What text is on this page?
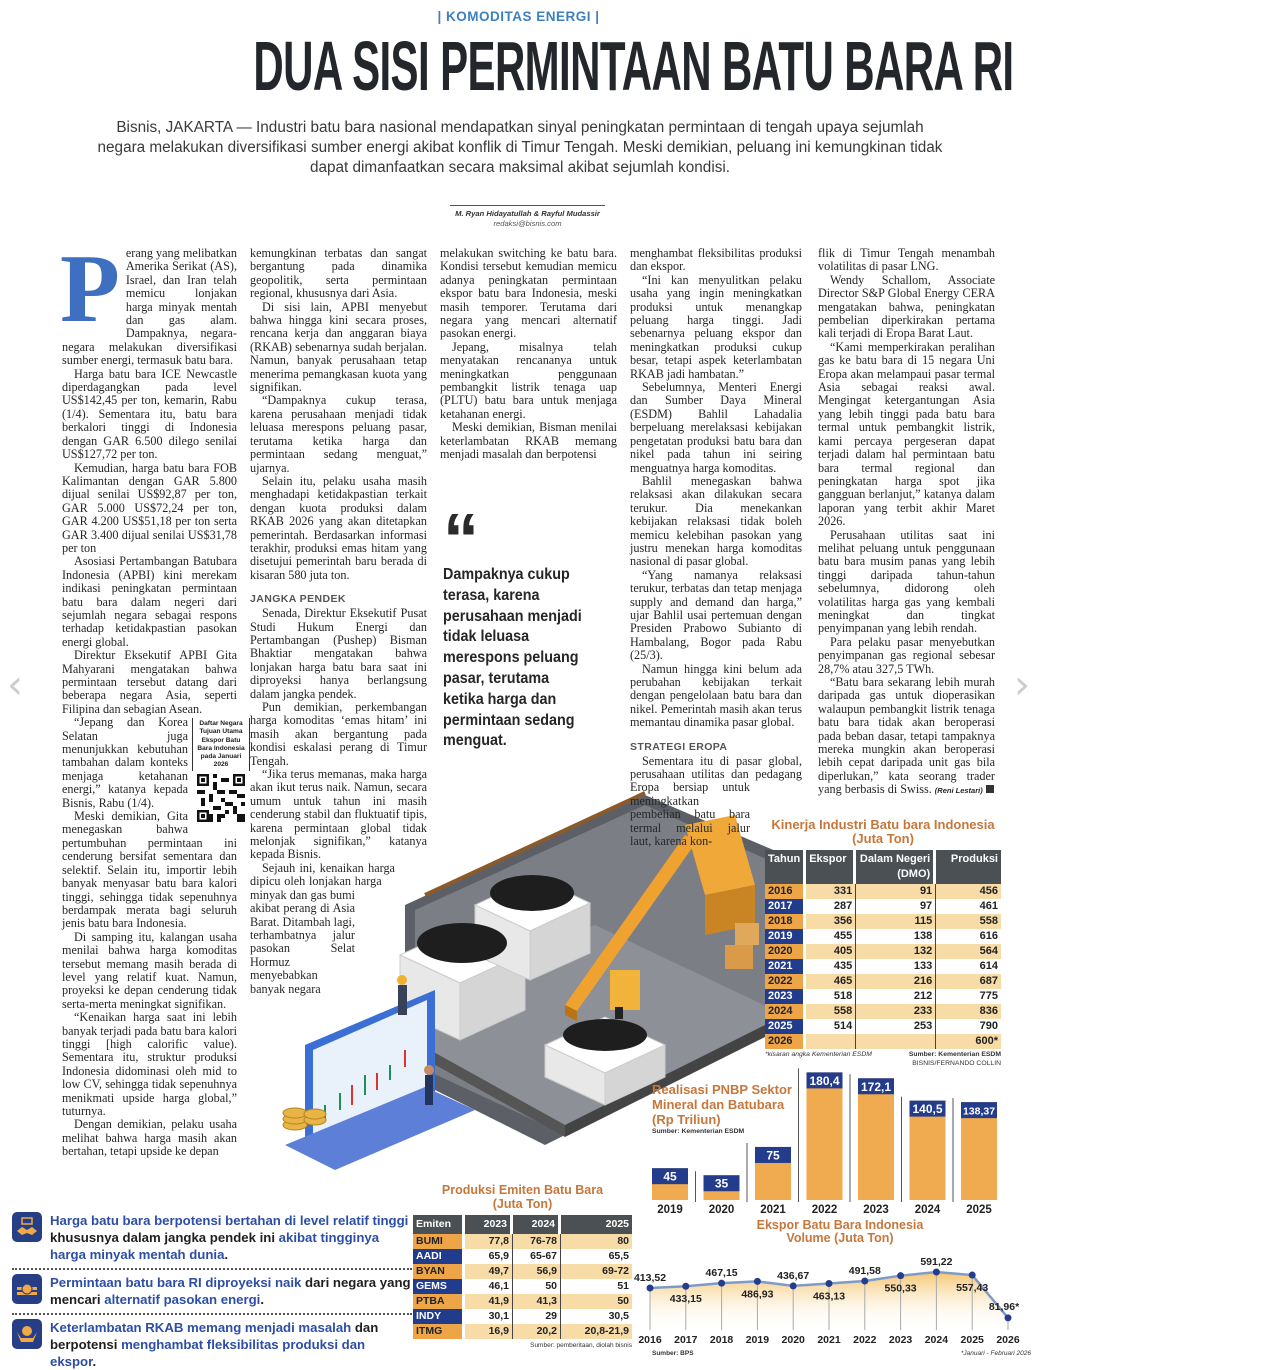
‹	›
| KOMODITAS ENERGI |
DUA SISI PERMINTAAN BATU BARA RI
Bisnis, JAKARTA — Industri batu bara nasional mendapatkan sinyal peningkatan permintaan di tengah upaya sejumlah negara melakukan diversifikasi sumber energi akibat konflik di Timur Tengah. Meski demikian, peluang ini kemungkinan tidak dapat dimanfaatkan secara maksimal akibat sejumlah kondisi.
M. Ryan Hidayatullah & Rayful Mudassir
redaksi@bisnis.com

Perang yang melibatkan Amerika Serikat (AS), Israel, dan Iran telah memicu lonjakan harga minyak mentah dan gas alam. Dampaknya, negara-negara melakukan diversifikasi sumber energi, termasuk batu bara.

Harga batu bara ICE Newcastle diperdagangkan pada level US$142,45 per ton, kemarin, Rabu (1/4). Sementara itu, batu bara berkalori tinggi di Indonesia dengan GAR 6.500 dilego senilai US$127,72 per ton.

Kemudian, harga batu bara FOB Kalimantan dengan GAR 5.800 dijual senilai US$92,87 per ton, GAR 5.000 US$72,24 per ton, GAR 4.200 US$51,18 per ton serta GAR 3.400 dijual senilai US$31,78 per ton

Asosiasi Pertambangan Batubara Indonesia (APBI) kini merekam indikasi peningkatan permintaan batu bara dalam negeri dari sejumlah negara sebagai respons terhadap ketidakpastian pasokan energi global.

Direktur Eksekutif APBI Gita Mahyarani mengatakan bahwa permintaan tersebut datang dari beberapa negara Asia, seperti Filipina dan sebagian Asean.

Daftar Negara Tujuan Utama Ekspor Batu Bara Indonesia pada Januari 2026

“Jepang dan Korea Selatan juga menunjukkan kebutuhan tambahan dalam konteks menjaga ketahanan energi,” katanya kepada Bisnis, Rabu (1/4).

Meski demikian, Gita menegaskan bahwa pertumbuhan permintaan ini cenderung bersifat sementara dan selektif. Selain itu, importir lebih banyak menyasar batu bara kalori tinggi, sehingga tidak sepenuhnya berdampak merata bagi seluruh jenis batu bara Indonesia.

Di samping itu, kalangan usaha menilai bahwa harga komoditas tersebut memang masih berada di level yang relatif kuat. Namun, proyeksi ke depan cenderung tidak serta-merta meningkat signifikan.

“Kenaikan harga saat ini lebih banyak terjadi pada batu bara kalori tinggi [high calorific value). Sementara itu, struktur produksi Indonesia didominasi oleh mid to low CV, sehingga tidak sepenuhnya menikmati upside harga global,” tuturnya.

Dengan demikian, pelaku usaha melihat bahwa harga masih akan bertahan, tetapi upside ke depan

kemungkinan terbatas dan sangat bergantung pada dinamika geopolitik, serta permintaan regional, khususnya dari Asia.

Di sisi lain, APBI menyebut bahwa hingga kini secara proses, rencana kerja dan anggaran biaya (RKAB) sebenarnya sudah berjalan. Namun, banyak perusahaan tetap menerima pemangkasan kuota yang signifikan.

“Dampaknya cukup terasa, karena perusahaan menjadi tidak leluasa merespons peluang pasar, terutama ketika harga dan permintaan sedang menguat,” ujarnya.

Selain itu, pelaku usaha masih menghadapi ketidakpastian terkait dengan kuota produksi dalam RKAB 2026 yang akan ditetapkan pemerintah. Berdasarkan informasi terakhir, produksi emas hitam yang disetujui pemerintah baru berada di kisaran 580 juta ton.

JANGKA PENDEK

Senada, Direktur Eksekutif Pusat Studi Hukum Energi dan Pertambangan (Pushep) Bisman Bhaktiar mengatakan bahwa lonjakan harga batu bara saat ini diproyeksi hanya berlangsung dalam jangka pendek.

Pun demikian, perkembangan harga komoditas ‘emas hitam’ ini masih akan bergantung pada kondisi eskalasi perang di Timur Tengah.

“Jika terus memanas, maka harga akan ikut terus naik. Namun, secara umum untuk tahun ini masih cenderung stabil dan fluktuatif tipis, karena permintaan global tidak melonjak signifikan,” katanya kepada Bisnis.

Sejauh ini, kenaikan harga dipicu oleh lonjakan harga minyak dan gas bumi akibat perang di Asia Barat. Ditambah lagi, terhambatnya jalur pasokan Selat Hormuz menyebabkan banyak negara

melakukan switching ke batu bara. Kondisi tersebut kemudian memicu adanya peningkatan permintaan ekspor batu bara Indonesia, meski masih temporer. Terutama dari negara yang mencari alternatif pasokan energi.

Jepang, misalnya telah menyatakan rencananya untuk meningkatkan penggunaan pembangkit listrik tenaga uap (PLTU) batu bara untuk menjaga ketahanan energi.

Meski demikian, Bisman menilai keterlambatan RKAB memang menjadi masalah dan berpotensi

“
Dampaknya cukup terasa, karena perusahaan menjadi tidak leluasa merespons peluang pasar, terutama ketika harga dan permintaan sedang menguat.

menghambat fleksibilitas produksi dan ekspor.

“Ini kan menyulitkan pelaku usaha yang ingin meningkatkan produksi untuk menangkap peluang harga tinggi. Jadi sebenarnya peluang ekspor dan meningkatkan produksi cukup besar, tetapi aspek keterlambatan RKAB jadi hambatan.”

Sebelumnya, Menteri Energi dan Sumber Daya Mineral (ESDM) Bahlil Lahadalia berpeluang merelaksasi kebijakan pengetatan produksi batu bara dan nikel pada tahun ini seiring menguatnya harga komoditas.

Bahlil menegaskan bahwa relaksasi akan dilakukan secara terukur. Dia menekankan kebijakan relaksasi tidak boleh memicu kelebihan pasokan yang justru menekan harga komoditas nasional di pasar global.

“Yang namanya relaksasi terukur, terbatas dan tetap menjaga supply and demand dan harga,” ujar Bahlil usai pertemuan dengan Presiden Prabowo Subianto di Hambalang, Bogor pada Rabu (25/3).

Namun hingga kini belum ada perubahan kebijakan terkait dengan pengelolaan batu bara dan nikel. Pemerintah masih akan terus memantau dinamika pasar global.

STRATEGI EROPA

Sementara itu di pasar global, perusahaan utilitas dan pedagang Eropa bersiap untuk meningkatkan pembelian batu bara termal melalui jalur laut, karena kon-

flik di Timur Tengah menambah volatilitas di pasar LNG.

Wendy Schallom, Associate Director S&P Global Energy CERA mengatakan bahwa, peningkatan pembelian diperkirakan pertama kali terjadi di Eropa Barat Laut.

“Kami memperkirakan peralihan gas ke batu bara di 15 negara Uni Eropa akan melampaui pasar termal Asia sebagai reaksi awal. Mengingat ketergantungan Asia yang lebih tinggi pada batu bara termal untuk pembangkit listrik, kami percaya pergeseran dapat terjadi dalam hal permintaan batu bara termal regional dan peningkatan harga spot jika gangguan berlanjut,” katanya dalam laporan yang terbit akhir Maret 2026.

Perusahaan utilitas saat ini melihat peluang untuk penggunaan batu bara musim panas yang lebih tinggi daripada tahun-tahun sebelumnya, didorong oleh volatilitas harga gas yang kembali meningkat dan tingkat penyimpanan yang lebih rendah.

Para pelaku pasar menyebutkan penyimpanan gas regional sebesar 28,7% atau 327,5 TWh.

“Batu bara sekarang lebih murah daripada gas untuk dioperasikan walaupun pembangkit listrik tenaga batu bara tidak akan beroperasi pada beban dasar, tetapi tampaknya mereka mungkin akan beroperasi lebih cepat daripada unit gas bila diperlukan,” kata seorang trader yang berbasis di Swiss. (Reni Lestari)

Kinerja Industri Batu bara Indonesia
(Juta Ton)
Tahun	Ekspor	Dalam Negeri (DMO)	Produksi
2016	331	91	456
2017	287	97	461
2018	356	115	558
2019	455	138	616
2020	405	132	564
2021	435	133	614
2022	465	216	687
2023	518	212	775
2024	558	233	836
2025	514	253	790
2026			600*
*kisaran angka Kementerian ESDM	Sumber: Kementerian ESDM
BISNIS/FERNANDO COLLIN
45
2019
35
2020
75
2021
180,4
2022
172,1
2023
140,5
2024
138,37
2025
Realisasi PNBP Sektor Mineral dan Batubara
(Rp Triliun)
Sumber: Kementerian ESDM
Produksi Emiten Batu Bara
(Juta Ton)
Emiten	2023	2024	2025
BUMI	77,8	76-78	80
AADI	65,9	65-67	65,5
BYAN	49,7	56,9	69-72
GEMS	46,1	50	51
PTBA	41,9	41,3	50
INDY	30,1	29	30,5
ITMG	16,9	20,2	20,8-21,9
Sumber: pemberitaan, diolah bisnis
Ekspor Batu Bara Indonesia
Volume (Juta Ton)
413,52
2016
433,15
2017
467,15
2018
486,93
2019
436,67
2020
463,13
2021
491,58
2022
550,33
2023
591,22
2024
557,43
2025
81,96*
2026
Sumber: BPS	*Januari - Februari 2026
Harga batu bara berpotensi bertahan di level relatif tinggi khususnya dalam jangka pendek ini akibat tingginya harga minyak mentah dunia.
Permintaan batu bara RI diproyeksi naik dari negara yang mencari alternatif pasokan energi.
Keterlambatan RKAB memang menjadi masalah dan berpotensi menghambat fleksibilitas produksi dan ekspor.
